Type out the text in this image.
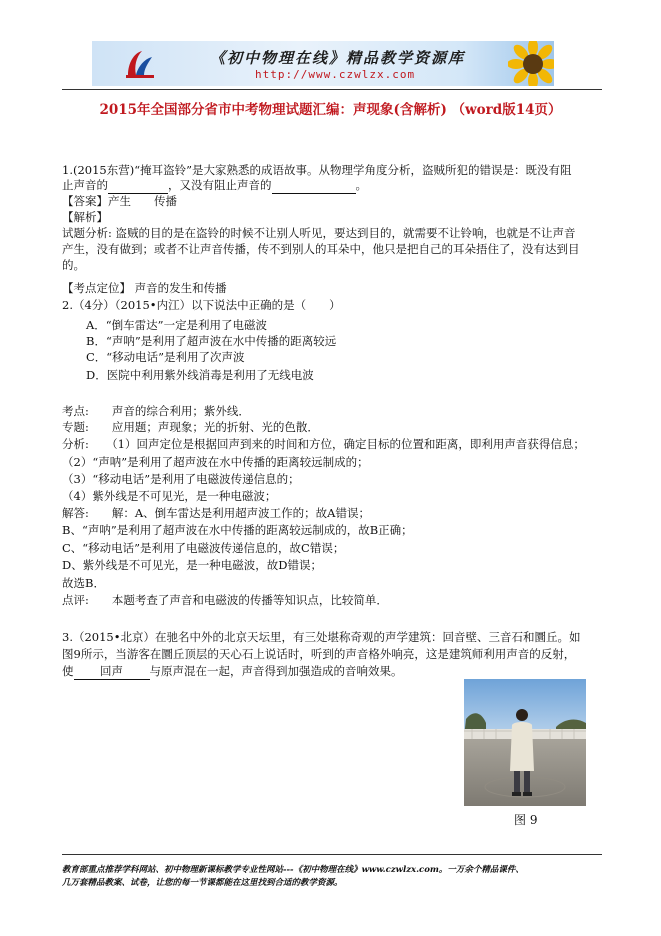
《初中物理在线》精品教学资源库
http://www.czwlzx.com
2015年全国部分省市中考物理试题汇编：声现象(含解析) （word版14页）
1.(2015东营)“掩耳盗铃”是大家熟悉的成语故事。从物理学角度分析，盗贼所犯的错误是：既没有阻
止声音的	，又没有阻止声音的	。
【答案】产生　　传播
【解析】
试题分析: 盗贼的目的是在盗铃的时候不让别人听见，要达到目的，就需要不让铃响，也就是不让声音
产生，没有做到；或者不让声音传播，传不到别人的耳朵中，他只是把自己的耳朵捂住了，没有达到目
的。
【考点定位】 声音的发生和传播
2.（4分）（2015•内江）以下说法中正确的是（　　）
A．“倒车雷达”一定是利用了电磁波
B．“声呐”是利用了超声波在水中传播的距离较远
C．“移动电话”是利用了次声波
D．医院中利用紫外线消毒是利用了无线电波
考点:　　声音的综合利用；紫外线．
专题:　　应用题；声现象；光的折射、光的色散．
分析:　　（1）回声定位是根据回声到来的时间和方位，确定目标的位置和距离，即利用声音获得信息；
（2）“声呐”是利用了超声波在水中传播的距离较远制成的；
（3）“移动电话”是利用了电磁波传递信息的；
（4）紫外线是不可见光，是一种电磁波；
解答:　　解：A、倒车雷达是利用超声波工作的；故A错误；
B、“声呐”是利用了超声波在水中传播的距离较远制成的，故B正确；
C、“移动电话”是利用了电磁波传递信息的，故C错误；
D、紫外线是不可见光，是一种电磁波，故D错误；
故选B．
点评:　　本题考查了声音和电磁波的传播等知识点，比较简单．
3.（2015•北京）在驰名中外的北京天坛里，有三处堪称奇观的声学建筑：回音壁、三音石和圜丘。如
图9所示，当游客在圜丘顶层的天心石上说话时，听到的声音格外响亮，这是建筑师利用声音的反射，
使 回声 与原声混在一起，声音得到加强造成的音响效果。
图 9
教育部重点推荐学科网站、初中物理新课标教学专业性网站---《初中物理在线》www.czwlzx.com。一万余个精品课件、
几万套精品教案、试卷，让您的每一节课都能在这里找到合适的教学资源。
